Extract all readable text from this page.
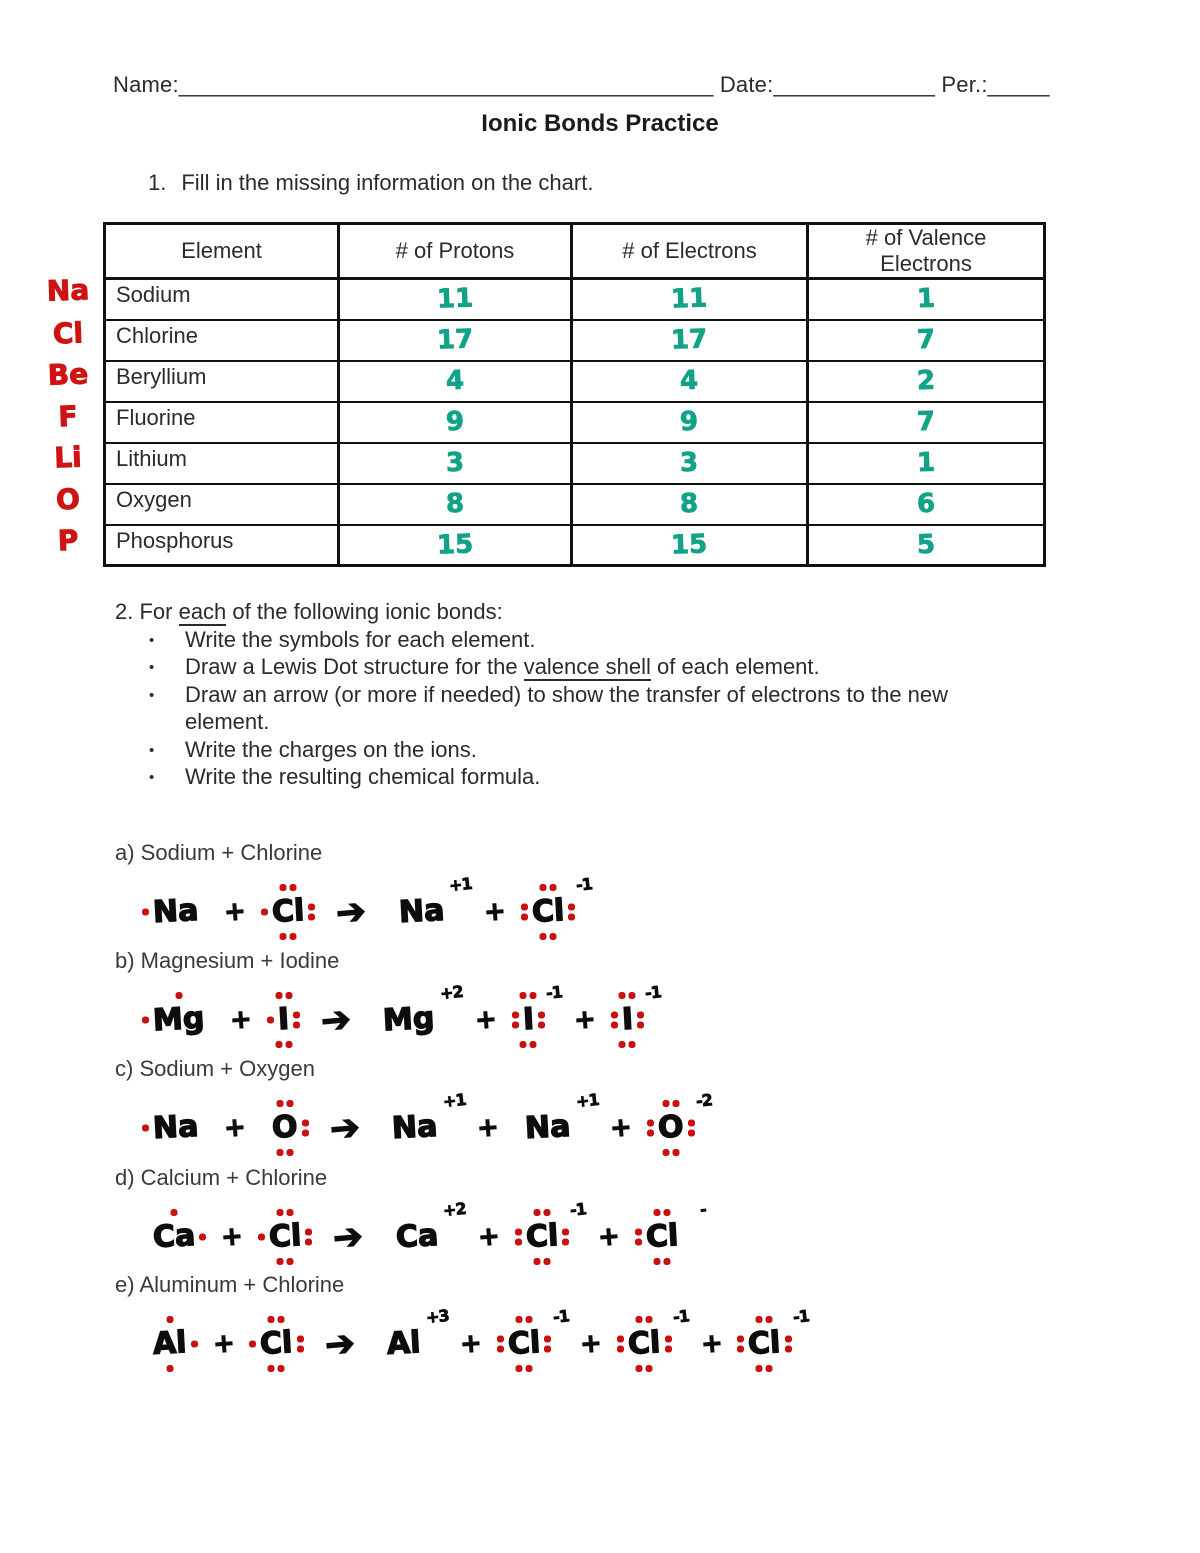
Name:___________________________________________ Date:_____________ Per.:_____
Ionic Bonds Practice
1. Fill in the missing information on the chart.
Na
Cl
Be
F
Li
O
P
Element	# of Protons	# of Electrons	# of Valence Electrons
Sodium	11	11	1
Chlorine	17	17	7
Beryllium	4	4	2
Fluorine	9	9	7
Lithium	3	3	1
Oxygen	8	8	6
Phosphorus	15	15	5
2. For each of the following ionic bonds:
• Write the symbols for each element.
• Draw a Lewis Dot structure for the valence shell of each element.
• Draw an arrow (or more if needed) to show the transfer of electrons to the new element.
• Write the charges on the ions.
• Write the resulting chemical formula.
a) Sodium + Chlorine
Na + Cl ➔ Na
+1
+ Cl
-1
b) Magnesium + Iodine
Mg + I ➔ Mg
+2
+ I
-1
+ I
-1
c) Sodium + Oxygen
Na + O ➔ Na
+1
+ Na
+1
+ O
-2
d) Calcium + Chlorine
Ca + Cl ➔ Ca
+2
+ Cl
-1
+ Cl
-
e) Aluminum + Chlorine
Al + Cl ➔ Al
+3
+ Cl
-1
+ Cl
-1
+ Cl
-1
